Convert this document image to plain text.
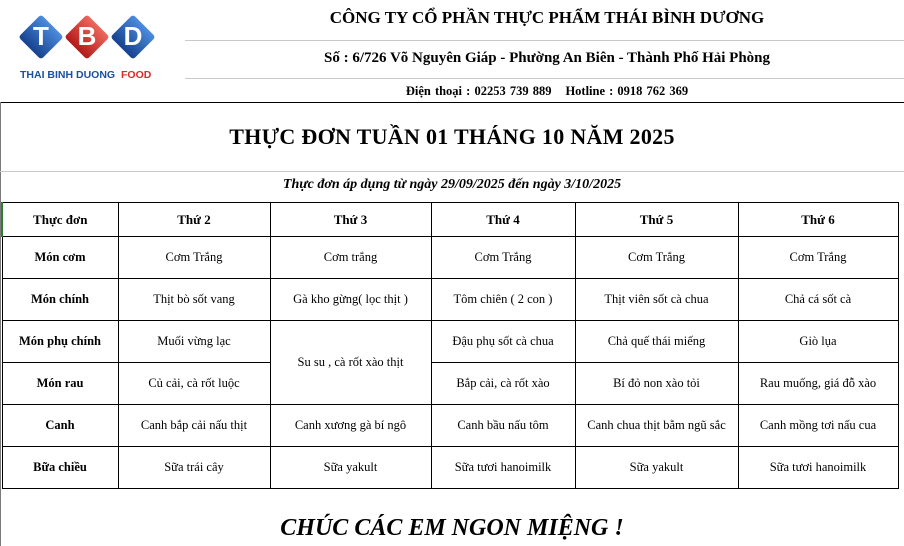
T B D
THAI BINH DUONG FOOD
CÔNG TY CỔ PHẦN THỰC PHẨM THÁI BÌNH DƯƠNG
Số : 6/726 Võ Nguyên Giáp - Phường An Biên - Thành Phố Hải Phòng
Điện thoại : 02253 739 889 Hotline : 0918 762 369
THỰC ĐƠN TUẦN 01 THÁNG 10 NĂM 2025
Thực đơn áp dụng từ ngày 29/09/2025 đến ngày 3/10/2025
Thực đơn	Thứ 2	Thứ 3	Thứ 4	Thứ 5	Thứ 6
Món cơm	Cơm Trắng	Cơm trắng	Cơm Trắng	Cơm Trắng	Cơm Trắng
Món chính	Thịt bò sốt vang	Gà kho gừng( lọc thịt )	Tôm chiên ( 2 con )	Thịt viên sốt cà chua	Chả cá sốt cà
Món phụ chính	Muối vừng lạc	Su su , cà rốt xào thịt	Đậu phụ sốt cà chua	Chả quế thái miếng	Giò lụa
Món rau	Củ cải, cà rốt luộc		Bắp cải, cà rốt xào	Bí đỏ non xào tỏi	Rau muống, giá đỗ xào
Canh	Canh bắp cải nấu thịt	Canh xương gà bí ngô	Canh bầu nấu tôm	Canh chua thịt bằm ngũ sắc	Canh mồng tơi nấu cua
Bữa chiều	Sữa trái cây	Sữa yakult	Sữa tươi hanoimilk	Sữa yakult	Sữa tươi hanoimilk
CHÚC CÁC EM NGON MIỆNG !
